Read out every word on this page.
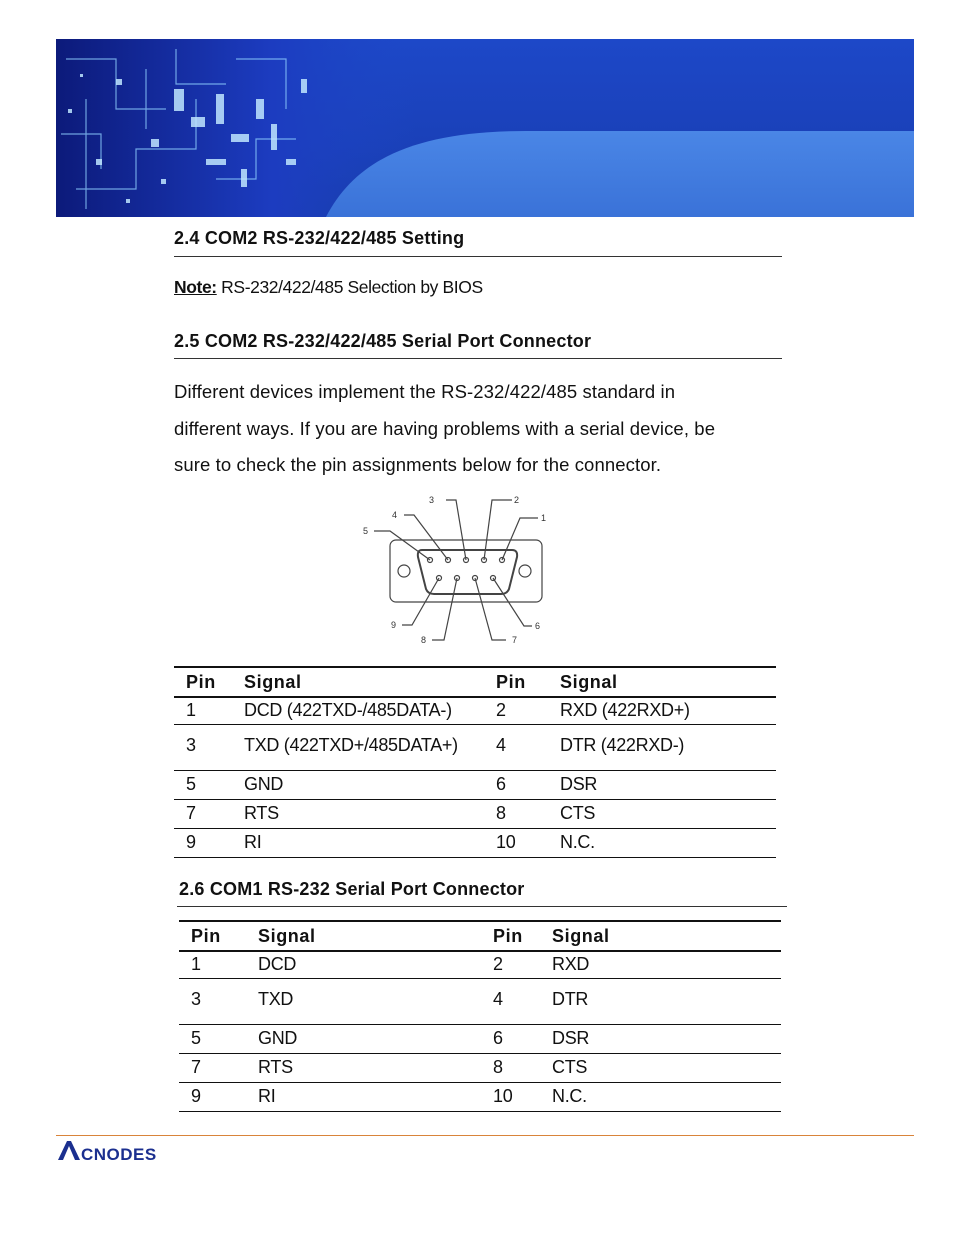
2.4 COM2 RS-232/422/485 Setting
Note: RS-232/422/485 Selection by BIOS
2.5 COM2 RS-232/422/485 Serial Port Connector
Different devices implement the RS-232/422/485 standard in
different ways. If you are having problems with a serial device, be
sure to check the pin assignments below for the connector.
1
2
3
4
5
6
7
8
9
Pin	Signal	Pin	Signal
1	DCD (422TXD-/485DATA-)	2	RXD (422RXD+)
3	TXD (422TXD+/485DATA+)	4	DTR (422RXD-)
5	GND	6	DSR
7	RTS	8	CTS
9	RI	10	N.C.
2.6 COM1 RS-232 Serial Port Connector
Pin	Signal	Pin	Signal
1	DCD	2	RXD
3	TXD	4	DTR
5	GND	6	DSR
7	RTS	8	CTS
9	RI	10	N.C.
CNODES
